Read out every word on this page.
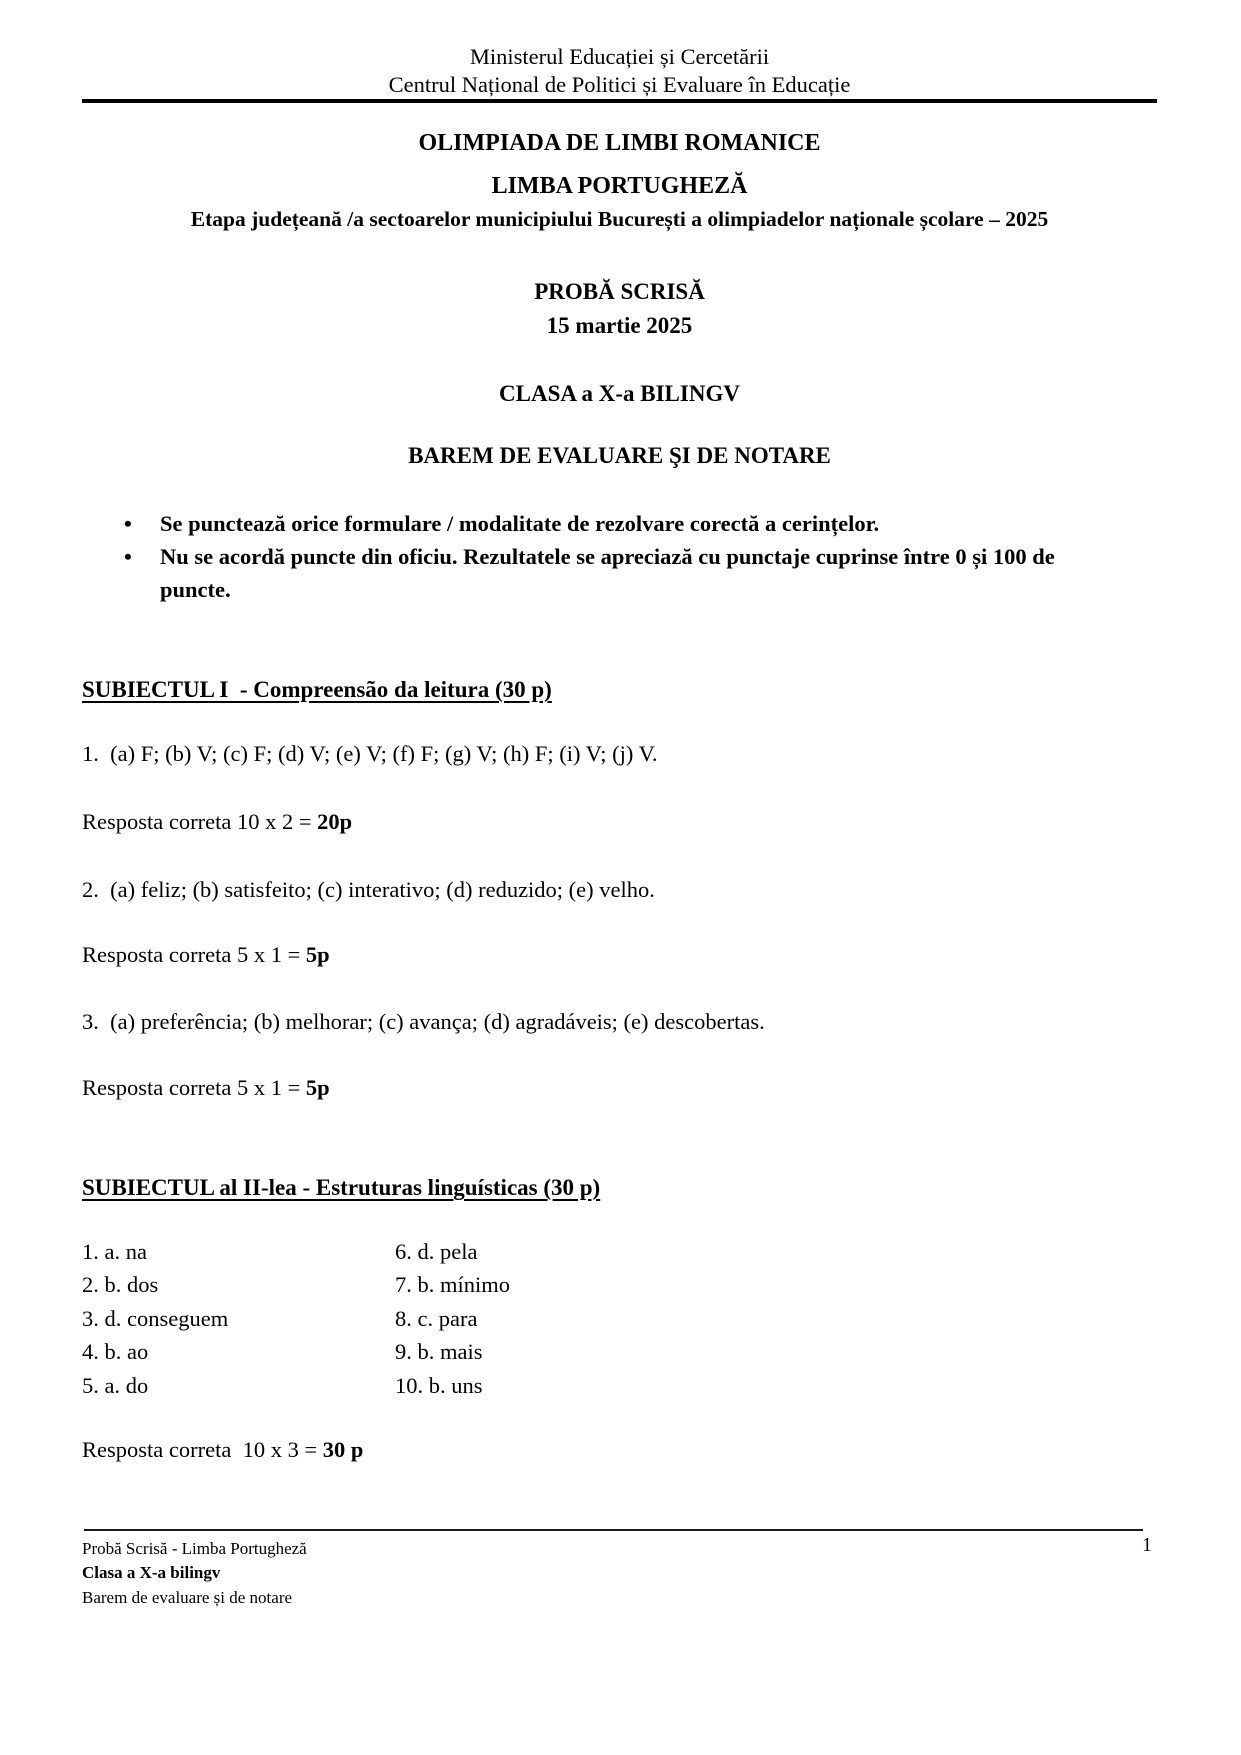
Ministerul Educației și Cercetării
Centrul Național de Politici și Evaluare în Educație
OLIMPIADA DE LIMBI ROMANICE
LIMBA PORTUGHEZĂ
Etapa județeană /a sectoarelor municipiului București a olimpiadelor naționale școlare – 2025
PROBĂ SCRISĂ
15 martie 2025
CLASA a X-a BILINGV
BAREM DE EVALUARE ŞI DE NOTARE
• Se punctează orice formulare / modalitate de rezolvare corectă a cerințelor.
• Nu se acordă puncte din oficiu. Rezultatele se apreciază cu punctaje cuprinse între 0 și 100 de puncte.
SUBIECTUL I  - Compreensão da leitura (30 p)
1.  (a) F; (b) V; (c) F; (d) V; (e) V; (f) F; (g) V; (h) F; (i) V; (j) V.
Resposta correta 10 x 2 = 20p
2.  (a) feliz; (b) satisfeito; (c) interativo; (d) reduzido; (e) velho.
Resposta correta 5 x 1 = 5p
3.  (a) preferência; (b) melhorar; (c) avança; (d) agradáveis; (e) descobertas.
Resposta correta 5 x 1 = 5p
SUBIECTUL al II-lea - Estruturas linguísticas (30 p)
1. a. na	6. d. pela
2. b. dos	7. b. mínimo
3. d. conseguem	8. c. para
4. b. ao	9. b. mais
5. a. do	10. b. uns
Resposta correta  10 x 3 = 30 p
1
Probă Scrisă - Limba Portugheză
Clasa a X-a bilingv
Barem de evaluare și de notare
